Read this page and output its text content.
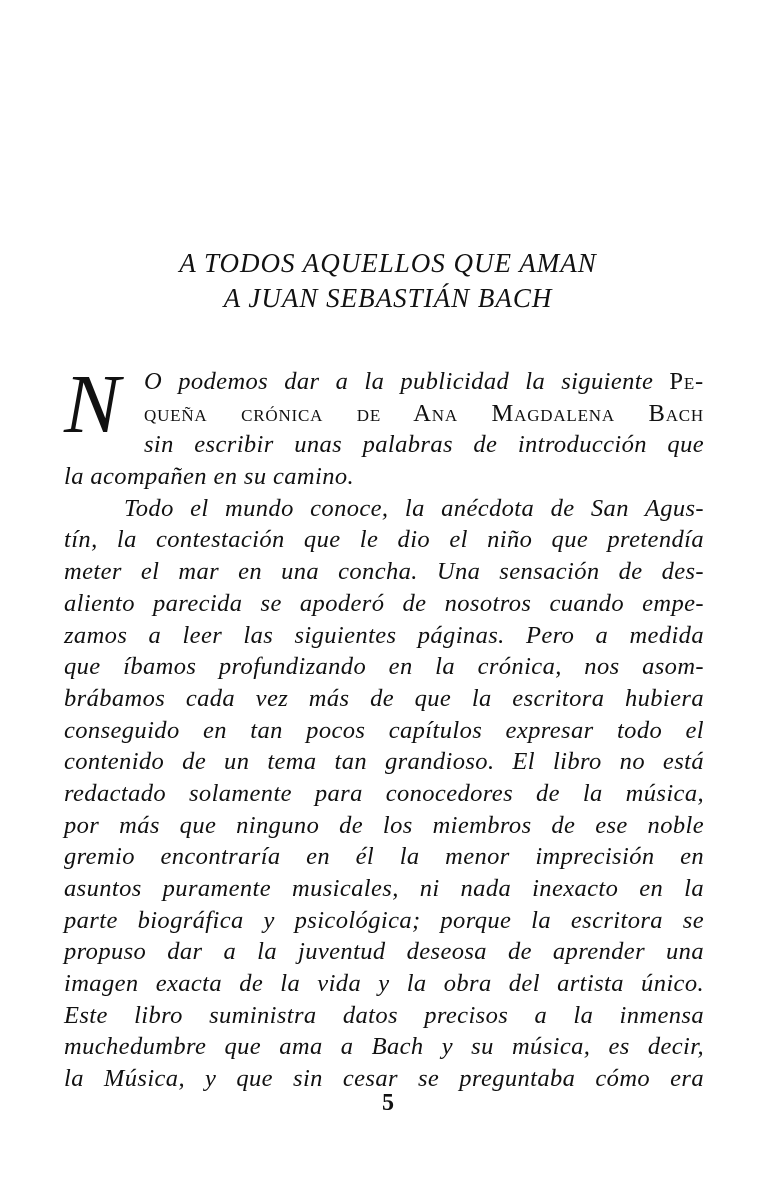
A TODOS AQUELLOS QUE AMAN
A JUAN SEBASTIÁN BACH
N O podemos dar a la publicidad la siguiente Pe-
queña crónica de Ana Magdalena Bach
sin escribir unas palabras de introducción que
la acompañen en su camino.
Todo el mundo conoce, la anécdota de San Agus-
tín, la contestación que le dio el niño que pretendía
meter el mar en una concha. Una sensación de des-
aliento parecida se apoderó de nosotros cuando empe-
zamos a leer las siguientes páginas. Pero a medida
que íbamos profundizando en la crónica, nos asom-
brábamos cada vez más de que la escritora hubiera
conseguido en tan pocos capítulos expresar todo el
contenido de un tema tan grandioso. El libro no está
redactado solamente para conocedores de la música,
por más que ninguno de los miembros de ese noble
gremio encontraría en él la menor imprecisión en
asuntos puramente musicales, ni nada inexacto en la
parte biográfica y psicológica; porque la escritora se
propuso dar a la juventud deseosa de aprender una
imagen exacta de la vida y la obra del artista único.
Este libro suministra datos precisos a la inmensa
muchedumbre que ama a Bach y su música, es decir,
la Música, y que sin cesar se preguntaba cómo era
5
